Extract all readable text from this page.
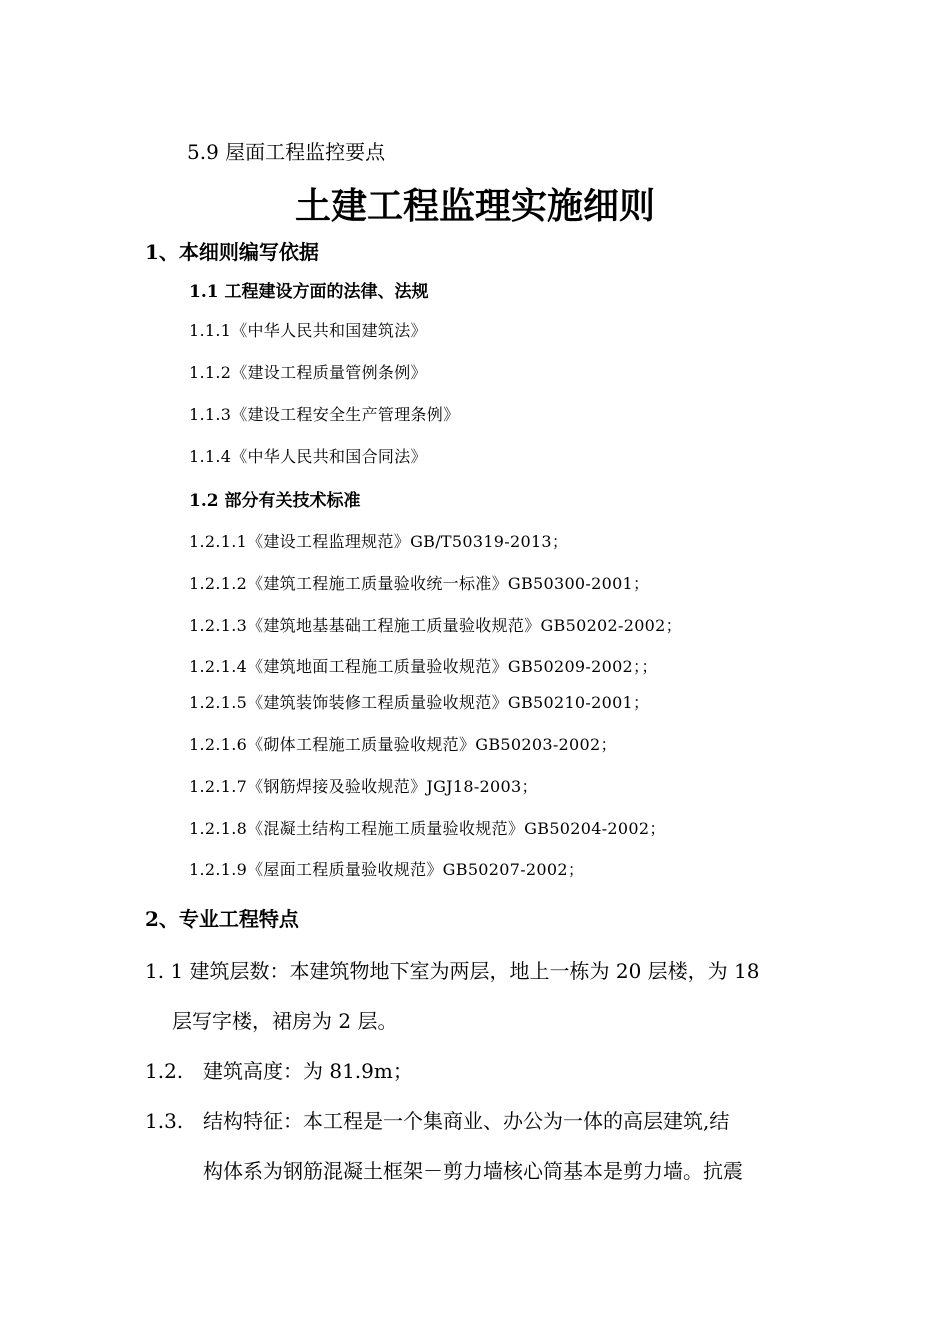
5.9 屋面工程监控要点
土建工程监理实施细则
1、本细则编写依据
1.1 工程建设方面的法律、法规
1.1.1《中华人民共和国建筑法》
1.1.2《建设工程质量管例条例》
1.1.3《建设工程安全生产管理条例》
1.1.4《中华人民共和国合同法》
1.2 部分有关技术标准
1.2.1.1《建设工程监理规范》GB/T50319-2013；
1.2.1.2《建筑工程施工质量验收统一标准》GB50300-2001；
1.2.1.3《建筑地基基础工程施工质量验收规范》GB50202-2002；
1.2.1.4《建筑地面工程施工质量验收规范》GB50209-2002；；
1.2.1.5《建筑装饰装修工程质量验收规范》GB50210-2001；
1.2.1.6《砌体工程施工质量验收规范》GB50203-2002；
1.2.1.7《钢筋焊接及验收规范》JGJ18-2003；
1.2.1.8《混凝土结构工程施工质量验收规范》GB50204-2002；
1.2.1.9《屋面工程质量验收规范》GB50207-2002；
2、专业工程特点
1. 1 建筑层数：本建筑物地下室为两层，地上一栋为 20 层楼，为 18
层写字楼，裙房为 2 层。
1.2. 建筑高度：为 81.9m；
1.3. 结构特征：本工程是一个集商业、办公为一体的高层建筑,结
构体系为钢筋混凝土框架－剪力墙核心筒基本是剪力墙。抗震
